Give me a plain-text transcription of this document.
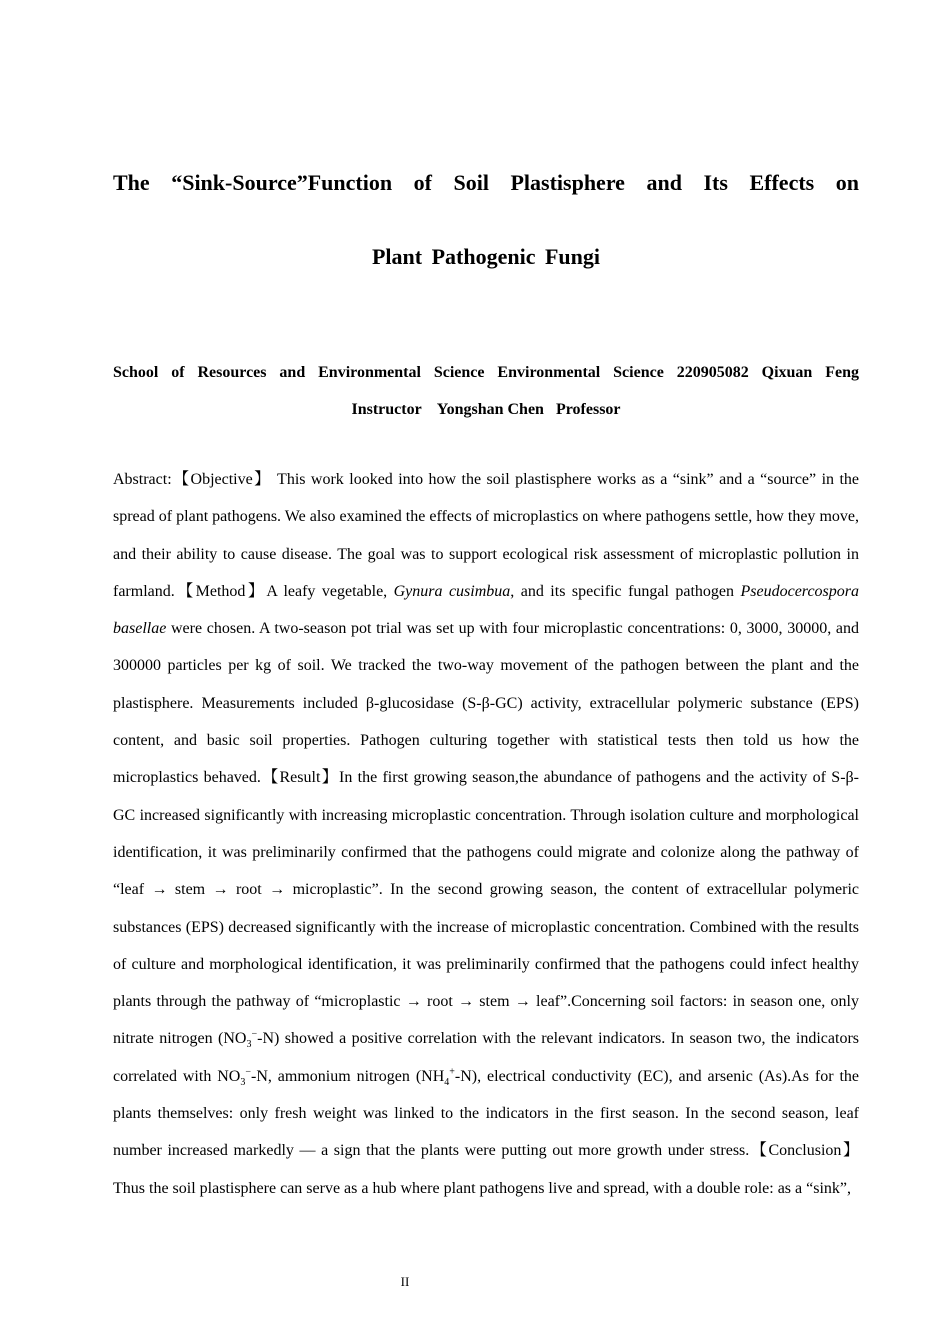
The “Sink-Source”Function of Soil Plastisphere and Its Effects on
Plant Pathogenic Fungi
School of Resources and Environmental Science Environmental Science 220905082 Qixuan Feng
Instructor    Yongshan Chen   Professor

Abstract:【Objective】 This work looked into how the soil plastisphere works as a “sink” and a “source” in the spread of plant pathogens. We also examined the effects of microplastics on where pathogens settle, how they move, and their ability to cause disease. The goal was to support ecological risk assessment of microplastic pollution in farmland.【Method】A leafy vegetable, Gynura cusimbua, and its specific fungal pathogen Pseudocercospora basellae were chosen. A two-season pot trial was set up with four microplastic concentrations: 0, 3000, 30000, and 300000 particles per kg of soil. We tracked the two-way movement of the pathogen between the plant and the plastisphere. Measurements included β-glucosidase (S-β-GC) activity, extracellular polymeric substance (EPS) content, and basic soil properties. Pathogen culturing together with statistical tests then told us how the microplastics behaved.【Result】In the first growing season,the abundance of pathogens and the activity of S-β-GC increased significantly with increasing microplastic concentration. Through isolation culture and morphological identification, it was preliminarily confirmed that the pathogens could migrate and colonize along the pathway of “leaf → stem → root → microplastic”. In the second growing season, the content of extracellular polymeric substances (EPS) decreased significantly with the increase of microplastic concentration. Combined with the results of culture and morphological identification, it was preliminarily confirmed that the pathogens could infect healthy plants through the pathway of “microplastic → root → stem → leaf”.Concerning soil factors: in season one, only nitrate nitrogen $(NO_3^--N)$ showed a positive correlation with the relevant indicators. In season two, the indicators correlated with $NO_3^--N$, ammonium nitrogen $(NH_4^+-N)$, electrical conductivity (EC), and arsenic (As).As for the plants themselves: only fresh weight was linked to the indicators in the first season. In the second season, leaf number increased markedly — a sign that the plants were putting out more growth under stress.【Conclusion】Thus the soil plastisphere can serve as a hub where plant pathogens live and spread, with a double role: as a “sink”,

II
